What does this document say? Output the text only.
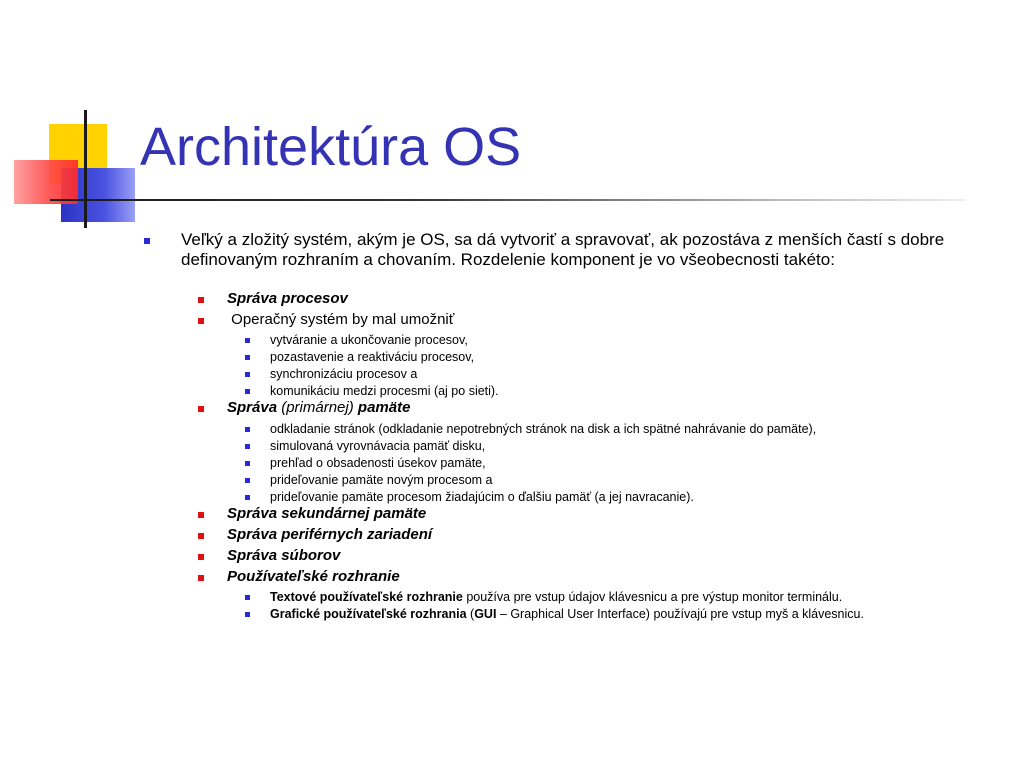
Architektúra OS
Veľký a zložitý systém, akým je OS, sa dá vytvoriť a spravovať, ak pozostáva z menších častí s dobre definovaným rozhraním a chovaním. Rozdelenie komponent je vo všeobecnosti takéto:
Správa procesov
Operačný systém by mal umožniť
vytváranie a ukončovanie procesov,
pozastavenie a reaktiváciu procesov,
synchronizáciu procesov a
komunikáciu medzi procesmi (aj po sieti).
Správa (primárnej) pamäte
odkladanie stránok (odkladanie nepotrebných stránok na disk a ich spätné nahrávanie do pamäte),
simulovaná vyrovnávacia pamäť disku,
prehľad o obsadenosti úsekov pamäte,
prideľovanie pamäte novým procesom a
prideľovanie pamäte procesom žiadajúcim o ďalšiu pamäť (a jej navracanie).
Správa sekundárnej pamäte
Správa periférnych zariadení
Správa súborov
Používateľské rozhranie
Textové používateľské rozhranie používa pre vstup údajov klávesnicu a pre výstup monitor terminálu.
Grafické používateľské rozhrania (GUI – Graphical User Interface) používajú pre vstup myš a klávesnicu.
